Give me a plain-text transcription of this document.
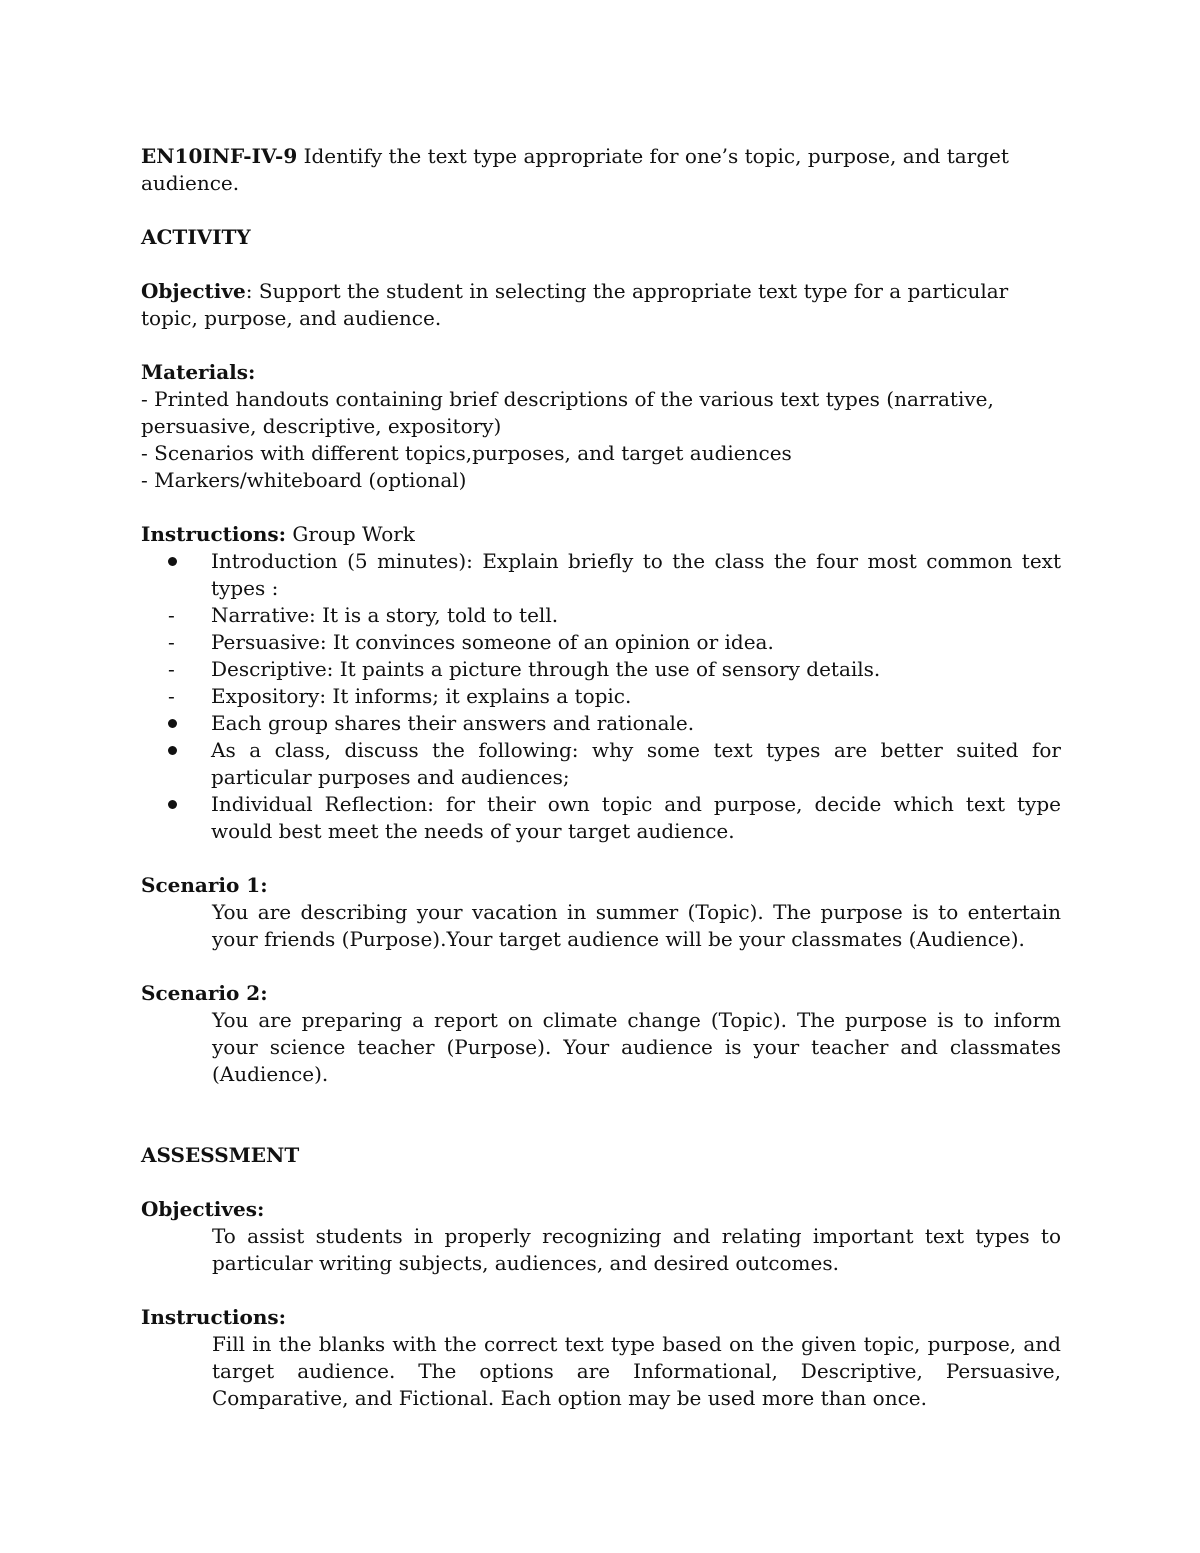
EN10INF-IV-9 Identify the text type appropriate for one’s topic, purpose, and target audience.

ACTIVITY

Objective: Support the student in selecting the appropriate text type for a particular topic, purpose, and audience.

Materials:

- Printed handouts containing brief descriptions of the various text types (narrative, persuasive, descriptive, expository)

- Scenarios with different topics,purposes, and target audiences

- Markers/whiteboard (optional)

Instructions: Group Work

Introduction (5 minutes): Explain briefly to the class the four most common text types :
-	Narrative: It is a story, told to tell.
-	Persuasive: It convinces someone of an opinion or idea.
-	Descriptive: It paints a picture through the use of sensory details.
-	Expository: It informs; it explains a topic.
Each group shares their answers and rationale.
As a class, discuss the following: why some text types are better suited for particular purposes and audiences;
Individual Reflection: for their own topic and purpose, decide which text type would best meet the needs of your target audience.

Scenario 1:

You are describing your vacation in summer (Topic). The purpose is to entertain your friends (Purpose).Your target audience will be your classmates (Audience).

Scenario 2:

You are preparing a report on climate change (Topic). The purpose is to inform your science teacher (Purpose). Your audience is your teacher and classmates (Audience).

ASSESSMENT

Objectives:

To assist students in properly recognizing and relating important text types to particular writing subjects, audiences, and desired outcomes.

Instructions:

Fill in the blanks with the correct text type based on the given topic, purpose, and target audience. The options are Informational, Descriptive, Persuasive, Comparative, and Fictional. Each option may be used more than once.
